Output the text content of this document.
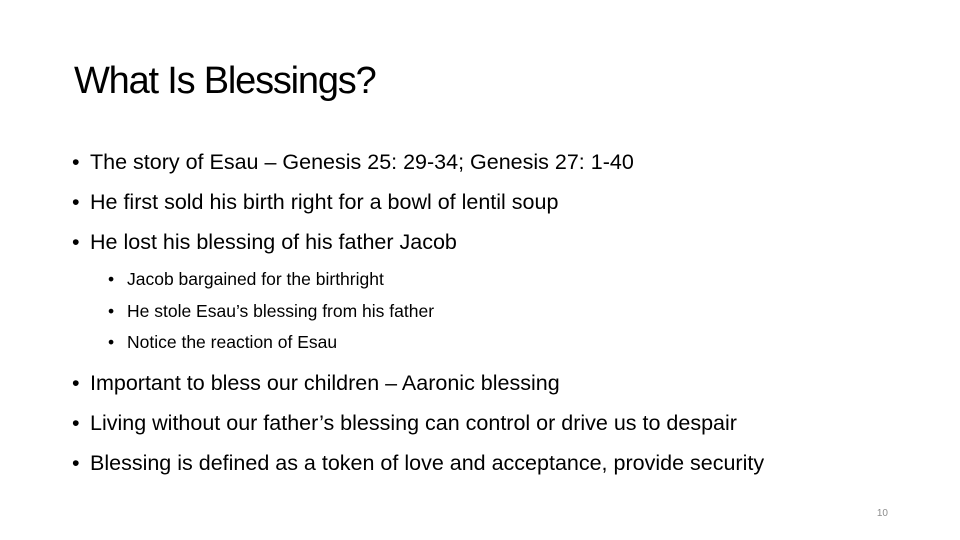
What Is Blessings?
• The story of Esau – Genesis 25: 29-34; Genesis 27: 1-40
• He first sold his birth right for a bowl of lentil soup
• He lost his blessing of his father Jacob
• Jacob bargained for the birthright
• He stole Esau’s blessing from his father
• Notice the reaction of Esau
• Important to bless our children – Aaronic blessing
• Living without our father’s blessing can control or drive us to despair
• Blessing is defined as a token of love and acceptance, provide security
10
